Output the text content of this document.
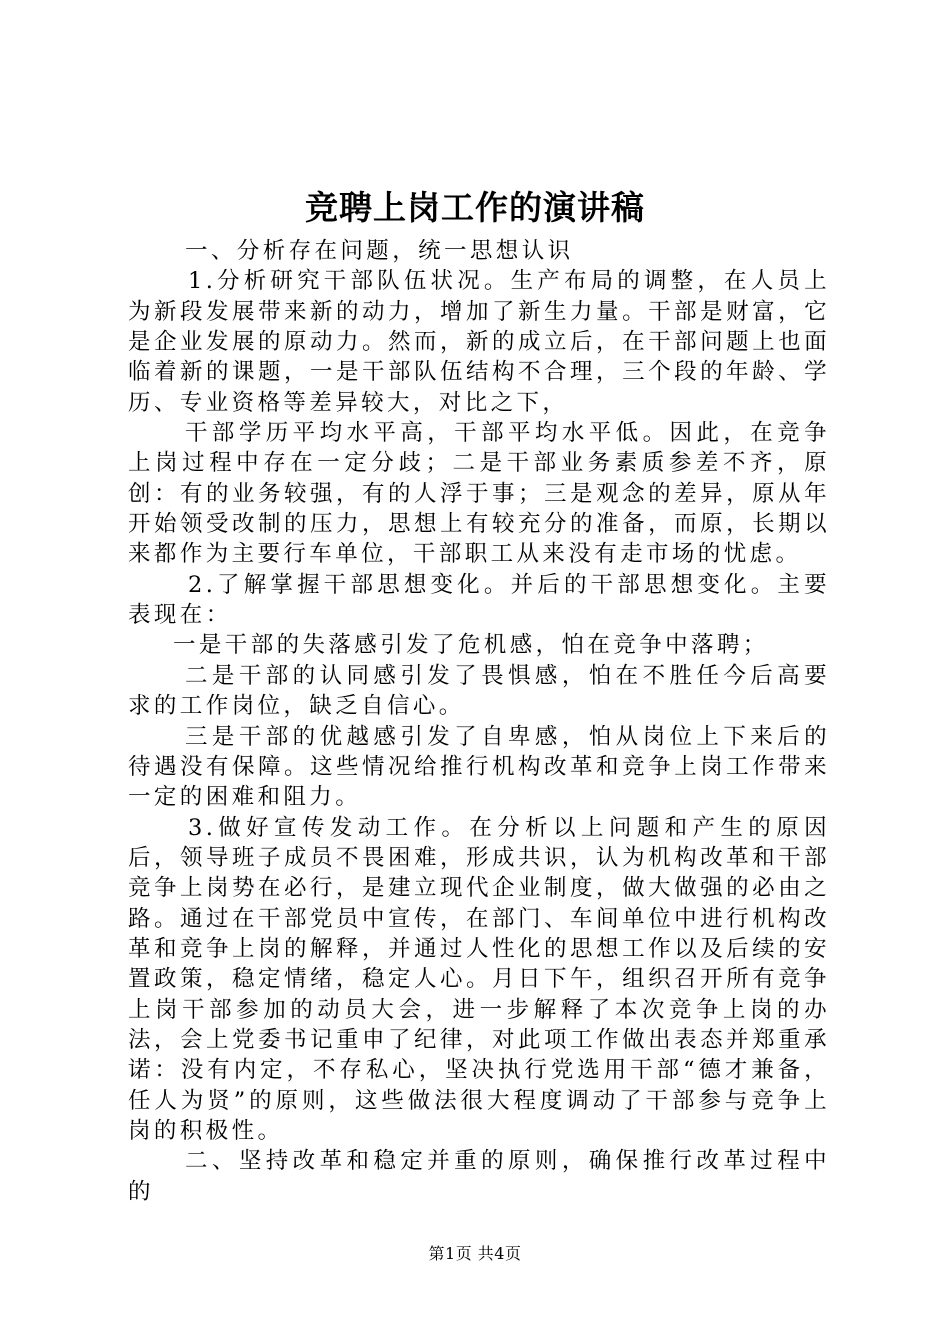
竞聘上岗工作的演讲稿

一、分析存在问题，统一思想认识

1.分析研究干部队伍状况。生产布局的调整，在人员上为新段发展带来新的动力，增加了新生力量。干部是财富，它是企业发展的原动力。然而，新的成立后，在干部问题上也面临着新的课题，一是干部队伍结构不合理，三个段的年龄、学历、专业资格等差异较大，对比之下，

干部学历平均水平高，干部平均水平低。因此，在竞争上岗过程中存在一定分歧；二是干部业务素质参差不齐，原创：有的业务较强，有的人浮于事；三是观念的差异，原从年开始领受改制的压力，思想上有较充分的准备，而原，长期以来都作为主要行车单位，干部职工从来没有走市场的忧虑。

2.了解掌握干部思想变化。并后的干部思想变化。主要表现在：

一是干部的失落感引发了危机感，怕在竞争中落聘；

二是干部的认同感引发了畏惧感，怕在不胜任今后高要求的工作岗位，缺乏自信心。

三是干部的优越感引发了自卑感，怕从岗位上下来后的待遇没有保障。这些情况给推行机构改革和竞争上岗工作带来一定的困难和阻力。

3.做好宣传发动工作。在分析以上问题和产生的原因后，领导班子成员不畏困难，形成共识，认为机构改革和干部竞争上岗势在必行，是建立现代企业制度，做大做强的必由之路。通过在干部党员中宣传，在部门、车间单位中进行机构改革和竞争上岗的解释，并通过人性化的思想工作以及后续的安置政策，稳定情绪，稳定人心。月日下午，组织召开所有竞争上岗干部参加的动员大会，进一步解释了本次竞争上岗的办法，会上党委书记重申了纪律，对此项工作做出表态并郑重承诺：没有内定，不存私心，坚决执行党选用干部“德才兼备，任人为贤”的原则，这些做法很大程度调动了干部参与竞争上岗的积极性。

二、坚持改革和稳定并重的原则，确保推行改革过程中的

第1页 共4页
